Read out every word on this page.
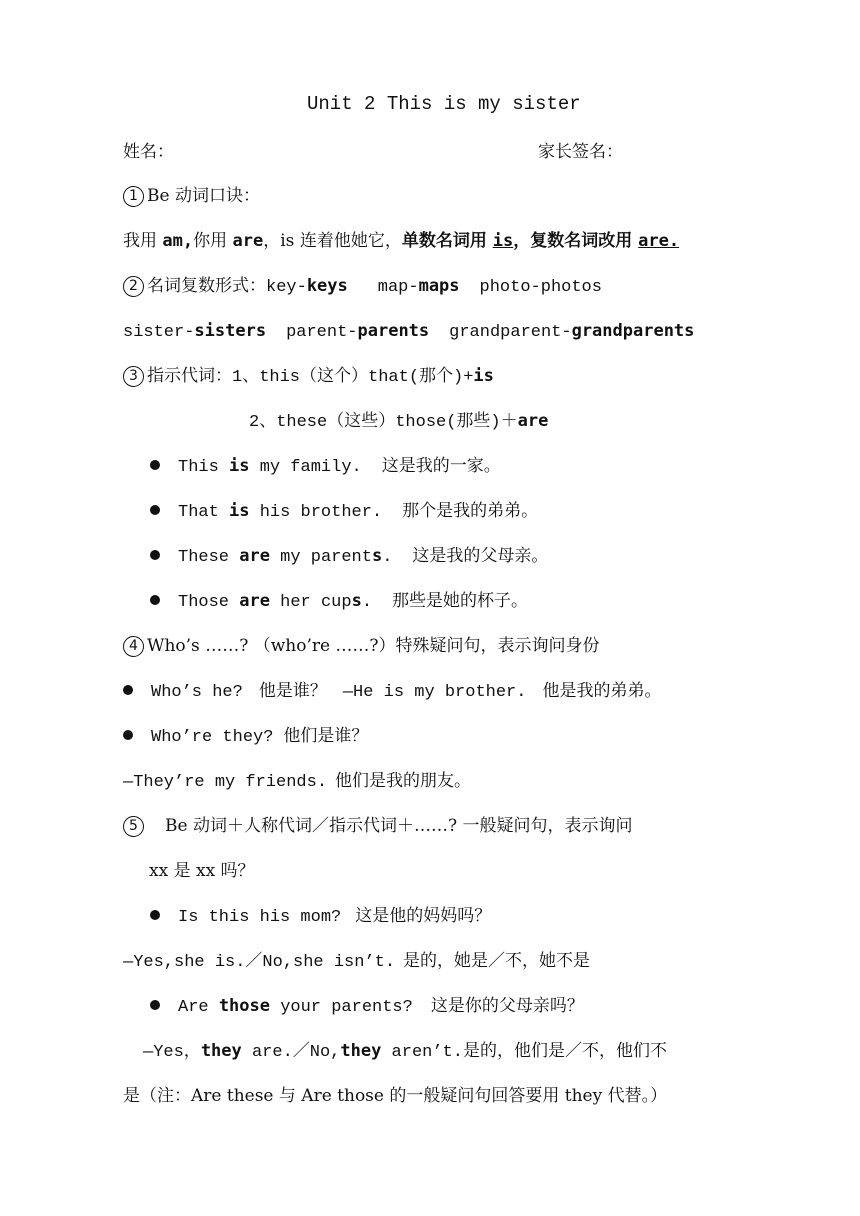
Unit 2 This is my sister
姓名：	家长签名：
1 Be 动词口诀：
我用 am,你用 are，is 连着他她它，单数名词用 is，复数名词改用 are.
2 名词复数形式：key-keys map-maps photo-photos
sister-sisters parent-parents grandparent-grandparents
3 指示代词：1、this（这个）that(那个)+is
2、these（这些）those(那些)＋are
This is my family. 这是我的一家。
That is his brother. 那个是我的弟弟。
These are my parents. 这是我的父母亲。
Those are her cups. 那些是她的杯子。
4 Who’s ……? （who’re ……?）特殊疑问句，表示询问身份
Who’s he? 他是谁？ —He is my brother. 他是我的弟弟。
Who’re they? 他们是谁？
—They’re my friends. 他们是我的朋友。
5 Be 动词＋人称代词／指示代词＋……? 一般疑问句，表示询问
xx 是 xx 吗？
Is this his mom? 这是他的妈妈吗？
—Yes,she is.／No,she isn’t. 是的，她是／不，她不是
Are those your parents? 这是你的父母亲吗？
—Yes，they are.／No,they aren’t.是的，他们是／不，他们不
是（注：Are these 与 Are those 的一般疑问句回答要用 they 代替。）
